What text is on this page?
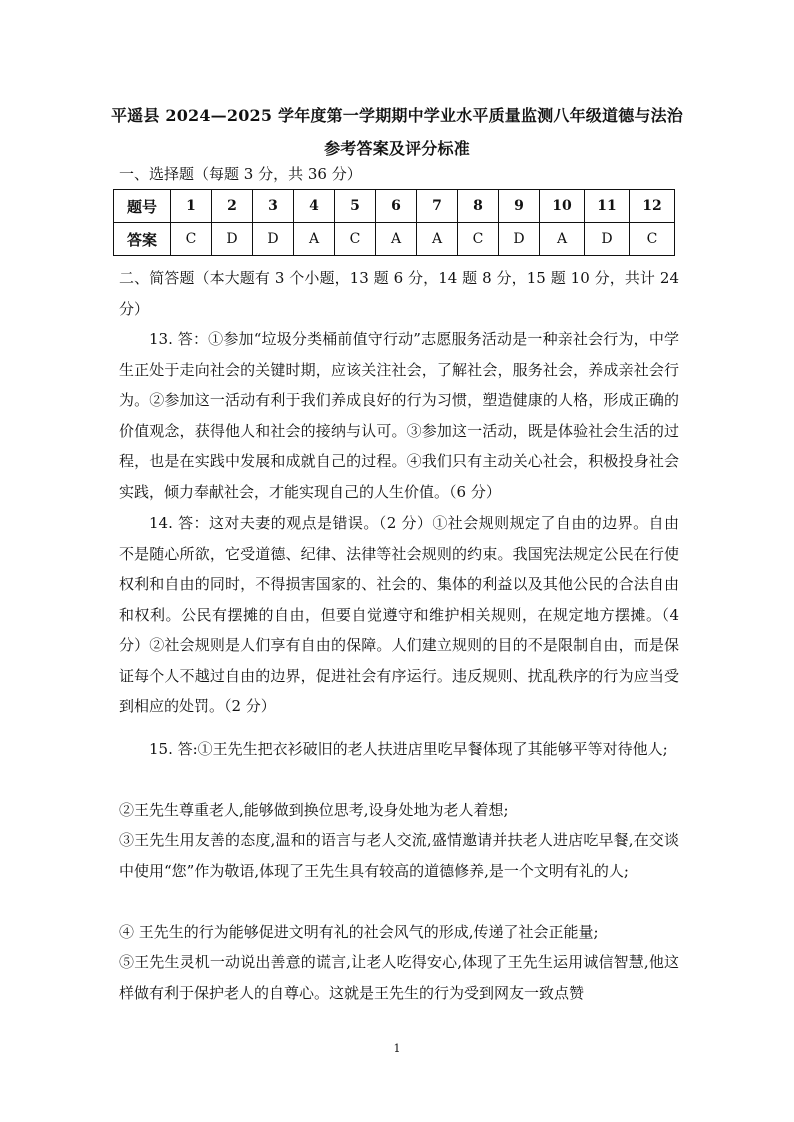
平遥县 2024—2025 学年度第一学期期中学业水平质量监测八年级道德与法治
参考答案及评分标准
一、选择题（每题 3 分，共 36 分）
题号	1	2	3	4	5	6	7	8	9	10	11	12
答案	C	D	D	A	C	A	A	C	D	A	D	C

二、简答题（本大题有 3 个小题，13 题 6 分，14 题 8 分，15 题 10 分，共计 24 分）

13. 答：①参加“垃圾分类桶前值守行动”志愿服务活动是一种亲社会行为，中学生正处于走向社会的关键时期，应该关注社会，了解社会，服务社会，养成亲社会行为。②参加这一活动有利于我们养成良好的行为习惯，塑造健康的人格，形成正确的价值观念，获得他人和社会的接纳与认可。③参加这一活动，既是体验社会生活的过程，也是在实践中发展和成就自己的过程。④我们只有主动关心社会，积极投身社会实践，倾力奉献社会，才能实现自己的人生价值。（6 分）

14. 答：这对夫妻的观点是错误。（2 分）①社会规则规定了自由的边界。自由不是随心所欲，它受道德、纪律、法律等社会规则的约束。我国宪法规定公民在行使权利和自由的同时，不得损害国家的、社会的、集体的利益以及其他公民的合法自由和权利。公民有摆摊的自由，但要自觉遵守和维护相关规则，在规定地方摆摊。（4 分）②社会规则是人们享有自由的保障。人们建立规则的目的不是限制自由，而是保证每个人不越过自由的边界，促进社会有序运行。违反规则、扰乱秩序的行为应当受到相应的处罚。（2 分）

15. 答:①王先生把衣衫破旧的老人扶进店里吃早餐体现了其能够平等对待他人;

②王先生尊重老人,能够做到换位思考,设身处地为老人着想;

③王先生用友善的态度,温和的语言与老人交流,盛情邀请并扶老人进店吃早餐,在交谈中使用“您”作为敬语,体现了王先生具有较高的道德修养,是一个文明有礼的人;

④ 王先生的行为能够促进文明有礼的社会风气的形成,传递了社会正能量;

⑤王先生灵机一动说出善意的谎言,让老人吃得安心,体现了王先生运用诚信智慧,他这样做有利于保护老人的自尊心。这就是王先生的行为受到网友一致点赞

1
